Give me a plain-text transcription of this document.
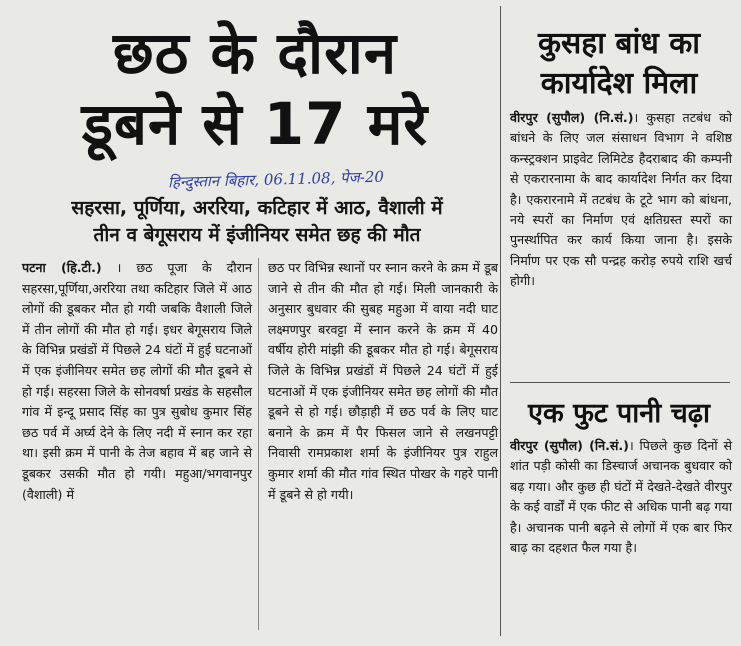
छठ के दौरान
डूबने से 17 मरे
हिन्दुस्तान बिहार, 06.11.08, पेज-20
सहरसा, पूर्णिया, अररिया, कटिहार में आठ, वैशाली में
तीन व बेगूसराय में इंजीनियर समेत छह की मौत

पटना (हि.टी.) । छठ पूजा के दौरान सहरसा,पूर्णिया,अररिया तथा कटिहार जिले में आठ लोगों की डूबकर मौत हो गयी जबकि वैशाली जिले में तीन लोगों की मौत हो गई। इधर बेगूसराय जिले के विभिन्न प्रखंडों में पिछले 24 घंटों में हुई घटनाओं में एक इंजीनियर समेत छह लोगों की मौत डूबने से हो गई। सहरसा जिले के सोनवर्षा प्रखंड के सहसौल गांव में इन्दू प्रसाद सिंह का पुत्र सुबोध कुमार सिंह छठ पर्व में अर्घ्य देने के लिए नदी में स्नान कर रहा था। इसी क्रम में पानी के तेज बहाव में बह जाने से डूबकर उसकी मौत हो गयी। महुआ/भगवानपुर (वैशाली) में

छठ पर विभिन्न स्थानों पर स्नान करने के क्रम में डूब जाने से तीन की मौत हो गई। मिली जानकारी के अनुसार बुधवार की सुबह महुआ में वाया नदी घाट लक्ष्मणपुर बरवट्टा में स्नान करने के क्रम में 40 वर्षीय होरी मांझी की डूबकर मौत हो गई। बेगूसराय जिले के विभिन्न प्रखंडों में पिछले 24 घंटों में हुई घटनाओं में एक इंजीनियर समेत छह लोगों की मौत डूबने से हो गई। छौड़ाही में छठ पर्व के लिए घाट बनाने के क्रम में पैर फिसल जाने से लखनपट्टी निवासी रामप्रकाश शर्मा के इंजीनियर पुत्र राहुल कुमार शर्मा की मौत गांव स्थित पोखर के गहरे पानी में डूबने से हो गयी।

कुसहा बांध का
कार्यादेश मिला

वीरपुर (सुपौल) (नि.सं.)। कुसहा तटबंध को बांधने के लिए जल संसाधन विभाग ने वशिष्ठ कन्स्ट्रक्शन प्राइवेट लिमिटेड हैदराबाद की कम्पनी से एकरारनामा के बाद कार्यादेश निर्गत कर दिया है। एकरारनामे में तटबंध के टूटे भाग को बांधना, नये स्परों का निर्माण एवं क्षतिग्रस्त स्परों का पुनर्स्थापित कर कार्य किया जाना है। इसके निर्माण पर एक सौ पन्द्रह करोड़ रुपये राशि खर्च होगी।

एक फुट पानी चढ़ा

वीरपुर (सुपौल) (नि.सं.)। पिछले कुछ दिनों से शांत पड़ी कोसी का डिस्चार्ज अचानक बुधवार को बढ़ गया। और कुछ ही घंटों में देखते-देखते वीरपुर के कई वार्डों में एक फीट से अधिक पानी बढ़ गया है। अचानक पानी बढ़ने से लोगों में एक बार फिर बाढ़ का दहशत फैल गया है।
